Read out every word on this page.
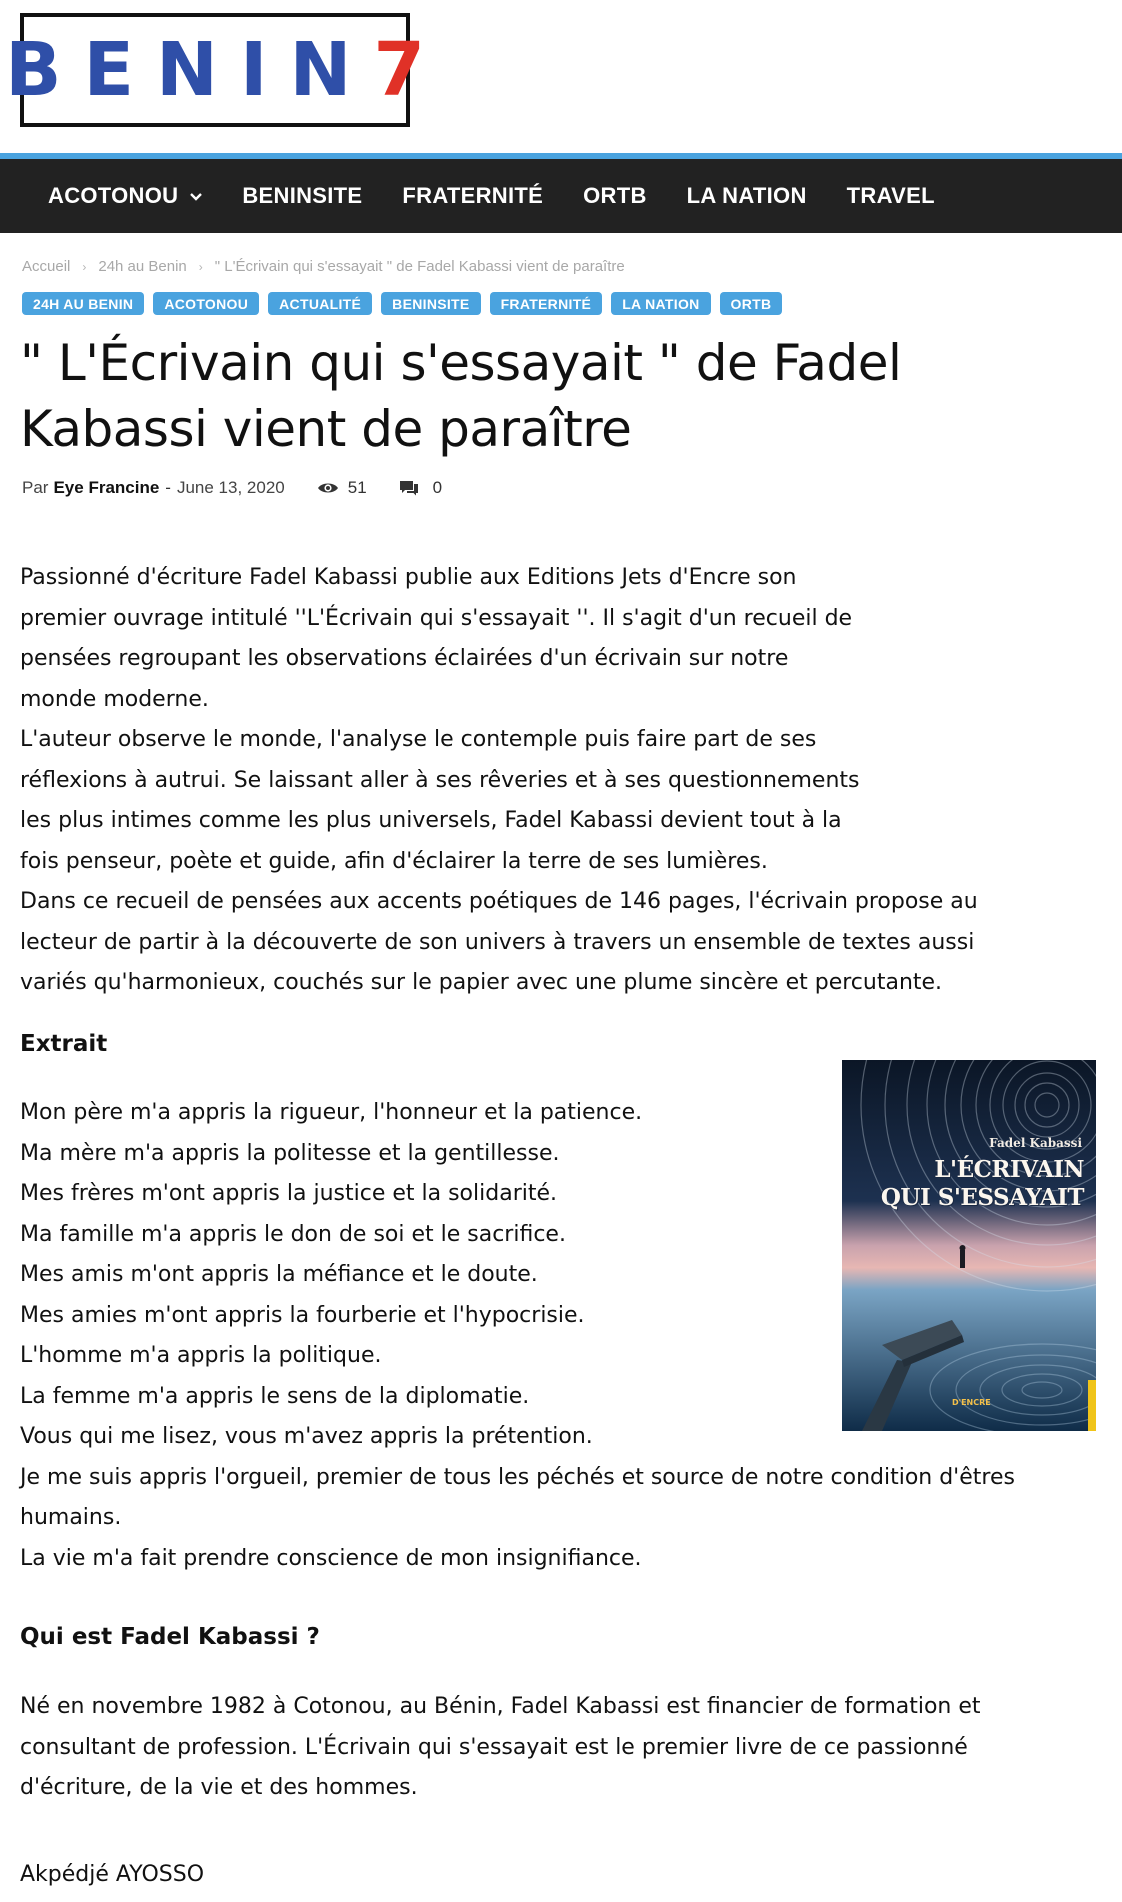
BENIN7
ACOTONOU	BENINSITE FRATERNITÉ ORTB LA NATION TRAVEL
Accueil › 24h au Benin › " L'Écrivain qui s'essayait " de Fadel Kabassi vient de paraître
24H AU BENIN	ACOTONOU	ACTUALITÉ	BENINSITE	FRATERNITÉ	LA NATION	ORTB
" L'Écrivain qui s'essayait " de Fadel Kabassi vient de paraître
Par Eye Francine - June 13, 2020	51	0
Passionné d'écriture Fadel Kabassi publie aux Editions Jets d'Encre son
premier ouvrage intitulé ''L'Écrivain qui s'essayait ''. Il s'agit d'un recueil de
pensées regroupant les observations éclairées d'un écrivain sur notre
monde moderne.
L'auteur observe le monde, l'analyse le contemple puis faire part de ses
réflexions à autrui. Se laissant aller à ses rêveries et à ses questionnements
les plus intimes comme les plus universels, Fadel Kabassi devient tout à la
fois penseur, poète et guide, afin d'éclairer la terre de ses lumières.
Dans ce recueil de pensées aux accents poétiques de 146 pages, l'écrivain propose au
lecteur de partir à la découverte de son univers à travers un ensemble de textes aussi
variés qu'harmonieux, couchés sur le papier avec une plume sincère et percutante.
Extrait
Mon père m'a appris la rigueur, l'honneur et la patience.
Ma mère m'a appris la politesse et la gentillesse.
Mes frères m'ont appris la justice et la solidarité.
Ma famille m'a appris le don de soi et le sacrifice.
Mes amis m'ont appris la méfiance et le doute.
Mes amies m'ont appris la fourberie et l'hypocrisie.
L'homme m'a appris la politique.
La femme m'a appris le sens de la diplomatie.
Vous qui me lisez, vous m'avez appris la prétention.
Je me suis appris l'orgueil, premier de tous les péchés et source de notre condition d'êtres
humains.
La vie m'a fait prendre conscience de mon insignifiance.
Fadel Kabassi
L'ÉCRIVAIN
QUI S'ESSAYAIT
D'ENCRE
Qui est Fadel Kabassi ?
Né en novembre 1982 à Cotonou, au Bénin, Fadel Kabassi est financier de formation et
consultant de profession. L'Écrivain qui s'essayait est le premier livre de ce passionné
d'écriture, de la vie et des hommes.
Akpédjé AYOSSO
